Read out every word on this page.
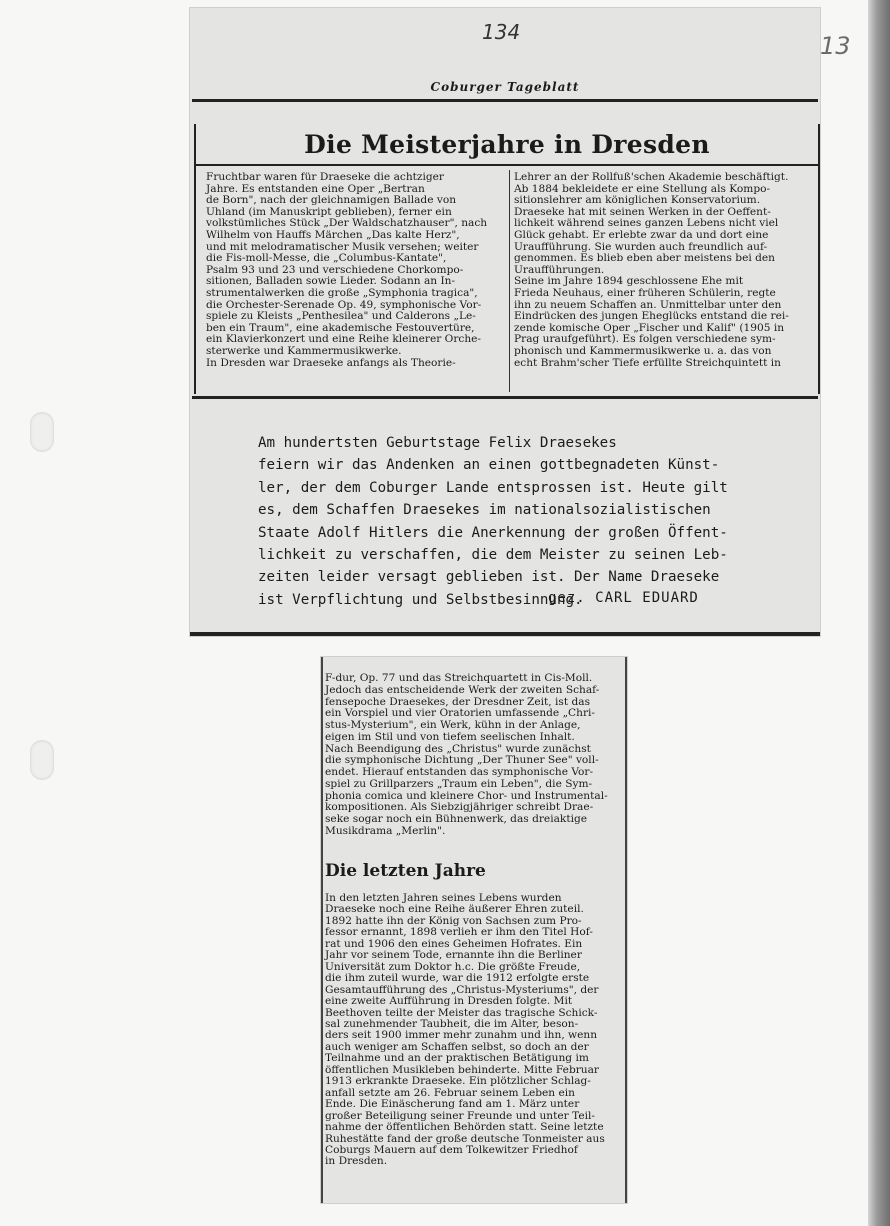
13
134
Coburger Tageblatt
Die Meisterjahre in Dresden

Fruchtbar waren für Draeseke die achtziger

Jahre. Es entstanden eine Oper „Bertran

de Born", nach der gleichnamigen Ballade von

Uhland (im Manuskript geblieben), ferner ein

volkstümliches Stück „Der Waldschatzhauser", nach

Wilhelm von Hauffs Märchen „Das kalte Herz",

und mit melodramatischer Musik versehen; weiter

die Fis-moll-Messe, die „Columbus-Kantate",

Psalm 93 und 23 und verschiedene Chorkompo-

sitionen, Balladen sowie Lieder. Sodann an In-

strumentalwerken die große „Symphonia tragica",

die Orchester-Serenade Op. 49, symphonische Vor-

spiele zu Kleists „Penthesilea" und Calderons „Le-

ben ein Traum", eine akademische Festouvertüre,

ein Klavierkonzert und eine Reihe kleinerer Orche-

sterwerke und Kammermusikwerke.

In Dresden war Draeseke anfangs als Theorie-

Lehrer an der Rollfuß'schen Akademie beschäftigt.

Ab 1884 bekleidete er eine Stellung als Kompo-

sitionslehrer am königlichen Konservatorium.

Draeseke hat mit seinen Werken in der Oeffent-

lichkeit während seines ganzen Lebens nicht viel

Glück gehabt. Er erlebte zwar da und dort eine

Uraufführung. Sie wurden auch freundlich auf-

genommen. Es blieb eben aber meistens bei den

Uraufführungen.

Seine im Jahre 1894 geschlossene Ehe mit

Frieda Neuhaus, einer früheren Schülerin, regte

ihn zu neuem Schaffen an. Unmittelbar unter den

Eindrücken des jungen Eheglücks entstand die rei-

zende komische Oper „Fischer und Kalif" (1905 in

Prag uraufgeführt). Es folgen verschiedene sym-

phonisch und Kammermusikwerke u. a. das von

echt Brahm'scher Tiefe erfüllte Streichquintett in

Am hundertsten Geburtstage Felix Draesekes

feiern wir das Andenken an einen gottbegnadeten Künst-

ler, der dem Coburger Lande entsprossen ist. Heute gilt

es, dem Schaffen Draesekes im nationalsozialistischen

Staate Adolf Hitlers die Anerkennung der großen Öffent-

lichkeit zu verschaffen, die dem Meister zu seinen Leb-

zeiten leider versagt geblieben ist. Der Name Draeseke

ist Verpflichtung und Selbstbesinnung.

gez. CARL EDUARD

F-dur, Op. 77 und das Streichquartett in Cis-Moll.

Jedoch das entscheidende Werk der zweiten Schaf-

fensepoche Draesekes, der Dresdner Zeit, ist das

ein Vorspiel und vier Oratorien umfassende „Chri-

stus-Mysterium", ein Werk, kühn in der Anlage,

eigen im Stil und von tiefem seelischen Inhalt.

Nach Beendigung des „Christus" wurde zunächst

die symphonische Dichtung „Der Thuner See" voll-

endet. Hierauf entstanden das symphonische Vor-

spiel zu Grillparzers „Traum ein Leben", die Sym-

phonia comica und kleinere Chor- und Instrumental-

kompositionen. Als Siebzigjähriger schreibt Drae-

seke sogar noch ein Bühnenwerk, das dreiaktige

Musikdrama „Merlin".

Die letzten Jahre

In den letzten Jahren seines Lebens wurden

Draeseke noch eine Reihe äußerer Ehren zuteil.

1892 hatte ihn der König von Sachsen zum Pro-

fessor ernannt, 1898 verlieh er ihm den Titel Hof-

rat und 1906 den eines Geheimen Hofrates. Ein

Jahr vor seinem Tode, ernannte ihn die Berliner

Universität zum Doktor h.c. Die größte Freude,

die ihm zuteil wurde, war die 1912 erfolgte erste

Gesamtaufführung des „Christus-Mysteriums", der

eine zweite Aufführung in Dresden folgte. Mit

Beethoven teilte der Meister das tragische Schick-

sal zunehmender Taubheit, die im Alter, beson-

ders seit 1900 immer mehr zunahm und ihn, wenn

auch weniger am Schaffen selbst, so doch an der

Teilnahme und an der praktischen Betätigung im

öffentlichen Musikleben behinderte. Mitte Februar

1913 erkrankte Draeseke. Ein plötzlicher Schlag-

anfall setzte am 26. Februar seinem Leben ein

Ende. Die Einäscherung fand am 1. März unter

großer Beteiligung seiner Freunde und unter Teil-

nahme der öffentlichen Behörden statt. Seine letzte

Ruhestätte fand der große deutsche Tonmeister aus

Coburgs Mauern auf dem Tolkewitzer Friedhof

in Dresden.
